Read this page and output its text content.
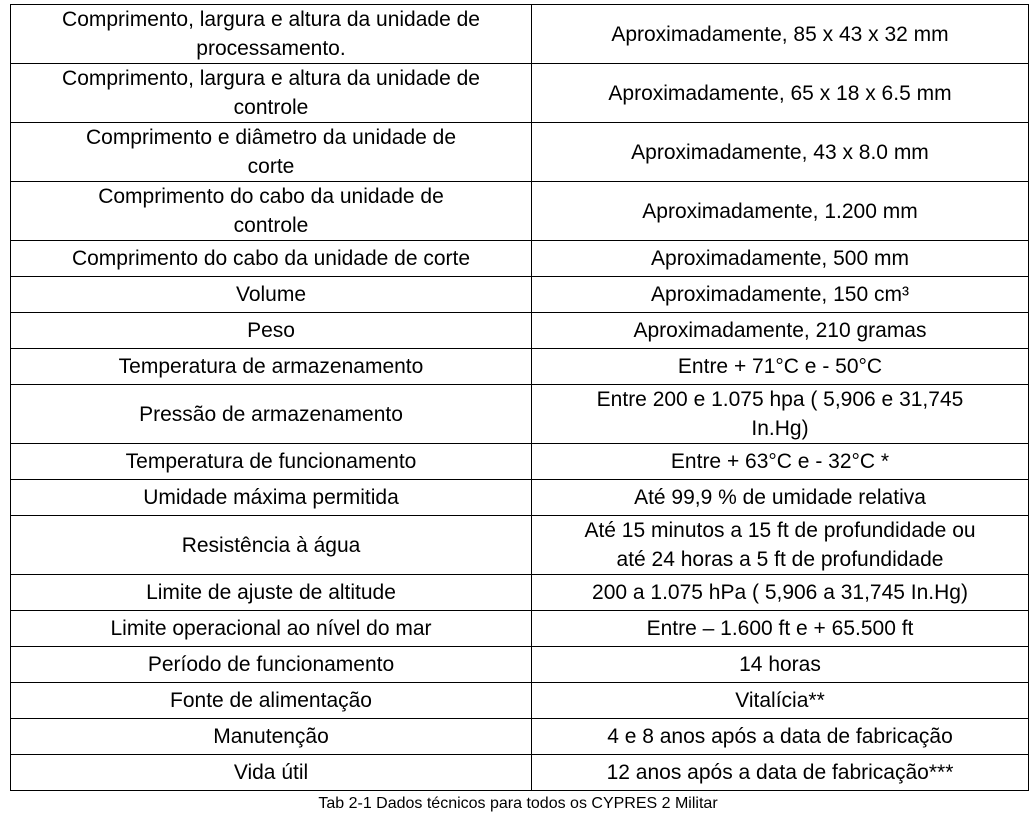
Comprimento, largura e altura da unidade de
processamento.	Aproximadamente, 85 x 43 x 32 mm
Comprimento, largura e altura da unidade de
controle	Aproximadamente, 65 x 18 x 6.5 mm
Comprimento e diâmetro da unidade de
corte	Aproximadamente, 43 x 8.0 mm
Comprimento do cabo da unidade de
controle	Aproximadamente, 1.200 mm
Comprimento do cabo da unidade de corte	Aproximadamente, 500 mm
Volume	Aproximadamente, 150 cm³
Peso	Aproximadamente, 210 gramas
Temperatura de armazenamento	Entre + 71°C e - 50°C
Pressão de armazenamento	Entre 200 e 1.075 hpa ( 5,906 e 31,745
In.Hg)
Temperatura de funcionamento	Entre + 63°C e - 32°C *
Umidade máxima permitida	Até 99,9 % de umidade relativa
Resistência à água	Até 15 minutos a 15 ft de profundidade ou
até 24 horas a 5 ft de profundidade
Limite de ajuste de altitude	200 a 1.075 hPa ( 5,906 a 31,745 In.Hg)
Limite operacional ao nível do mar	Entre – 1.600 ft e + 65.500 ft
Período de funcionamento	14 horas
Fonte de alimentação	Vitalícia**
Manutenção	4 e 8 anos após a data de fabricação
Vida útil	12 anos após a data de fabricação***
Tab 2-1 Dados técnicos para todos os CYPRES 2 Militar
